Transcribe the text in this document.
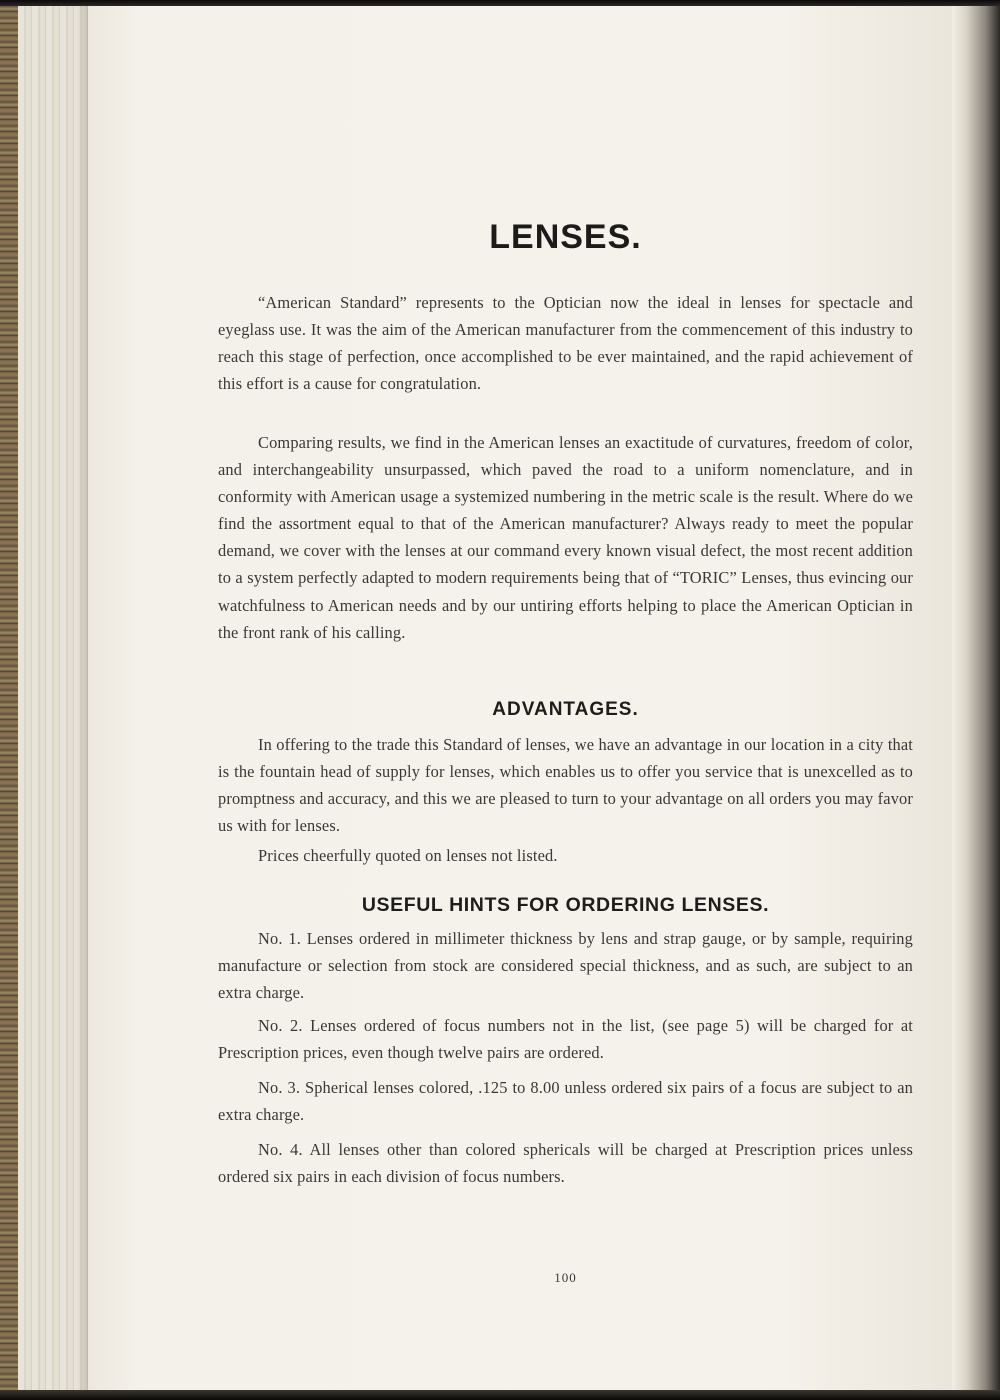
LENSES.

“American Standard” represents to the Optician now the ideal in lenses for spectacle and eyeglass use. It was the aim of the American manufacturer from the commencement of this industry to reach this stage of perfection, once accomplished to be ever maintained, and the rapid achievement of this effort is a cause for congratulation.

Comparing results, we find in the American lenses an exactitude of curvatures, freedom of color, and interchangeability unsurpassed, which paved the road to a uniform nomenclature, and in conformity with American usage a systemized numbering in the metric scale is the result. Where do we find the assortment equal to that of the American manufacturer? Always ready to meet the popular demand, we cover with the lenses at our command every known visual defect, the most recent addition to a system perfectly adapted to modern requirements being that of “TORIC” Lenses, thus evincing our watchfulness to American needs and by our untiring efforts helping to place the American Optician in the front rank of his calling.

ADVANTAGES.

In offering to the trade this Standard of lenses, we have an advantage in our location in a city that is the fountain head of supply for lenses, which enables us to offer you service that is unexcelled as to promptness and accuracy, and this we are pleased to turn to your advantage on all orders you may favor us with for lenses.

Prices cheerfully quoted on lenses not listed.

USEFUL HINTS FOR ORDERING LENSES.

No. 1. Lenses ordered in millimeter thickness by lens and strap gauge, or by sample, requiring manufacture or selection from stock are considered special thickness, and as such, are subject to an extra charge.

No. 2. Lenses ordered of focus numbers not in the list, (see page 5) will be charged for at Prescription prices, even though twelve pairs are ordered.

No. 3. Spherical lenses colored, .125 to 8.00 unless ordered six pairs of a focus are subject to an extra charge.

No. 4. All lenses other than colored sphericals will be charged at Prescription prices unless ordered six pairs in each division of focus numbers.

100
